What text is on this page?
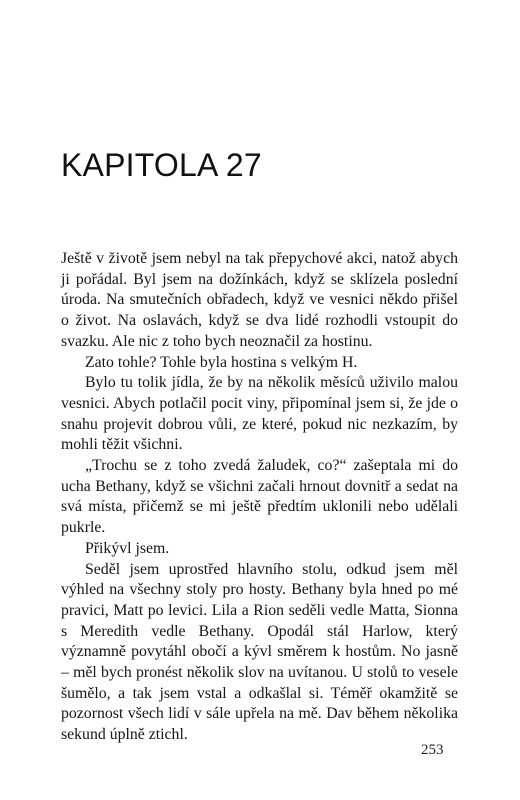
KAPITOLA 27

Ještě v životě jsem nebyl na tak přepychové akci, natož abych ji pořádal. Byl jsem na dožínkách, když se sklízela poslední úroda. Na smutečních obřadech, když ve vesnici někdo přišel o život. Na oslavách, když se dva lidé rozhodli vstoupit do svazku. Ale nic z toho bych neoznačil za hostinu.

Zato tohle? Tohle byla hostina s velkým H.

Bylo tu tolik jídla, že by na několik měsíců uživilo malou vesnici. Abych potlačil pocit viny, připomínal jsem si, že jde o snahu projevit dobrou vůli, ze které, pokud nic nezkazím, by mohli těžit všichni.

„Trochu se z toho zvedá žaludek, co?“ zašeptala mi do ucha Bethany, když se všichni začali hrnout dovnitř a sedat na svá místa, přičemž se mi ještě předtím uklonili nebo udělali pukrle.

Přikývl jsem.

Seděl jsem uprostřed hlavního stolu, odkud jsem měl výhled na všechny stoly pro hosty. Bethany byla hned po mé pravici, Matt po levici. Lila a Rion seděli vedle Matta, Sionna s Meredith vedle Bethany. Opodál stál Harlow, který významně povytáhl obočí a kývl směrem k hostům. No jasně – měl bych pronést několik slov na uvítanou. U stolů to vesele šumělo, a tak jsem vstal a odkašlal si. Téměř okamžitě se pozornost všech lidí v sále upřela na mě. Dav během několika sekund úplně ztichl.

253
